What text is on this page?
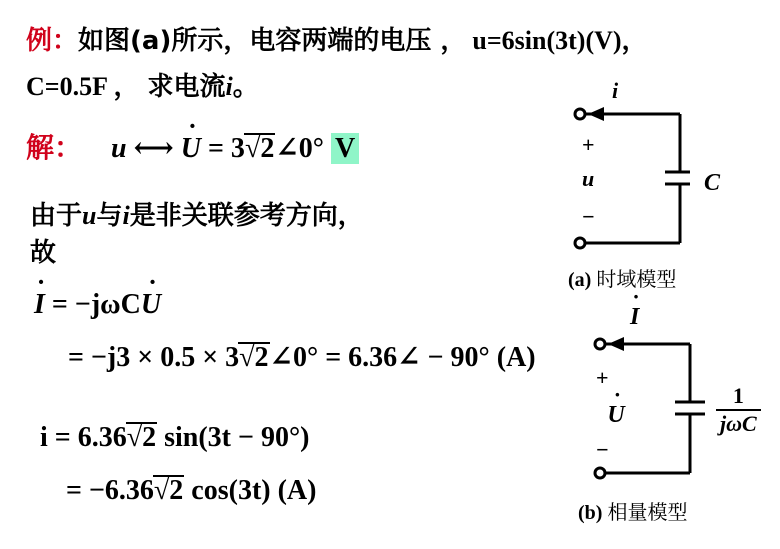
例：如图(a)所示，电容两端的电压 ， u=6sin(3t)(V)，
C=0.5F ， 求电流i。
解： u ⟷ U ˙ = 3√2∠0° V
由于u与i是非关联参考方向，
故
I ˙ = −jωCU ˙
= −j3 × 0.5 × 3√2∠0° = 6.36∠ − 90° (A)
i = 6.36√2 sin(3t − 90°)
= −6.36√2 cos(3t) (A)
i
+
u
−
C
(a) 时域模型
I ˙
+
U ˙
−
$\frac{1}{\text{jωC}}$
(b) 相量模型
